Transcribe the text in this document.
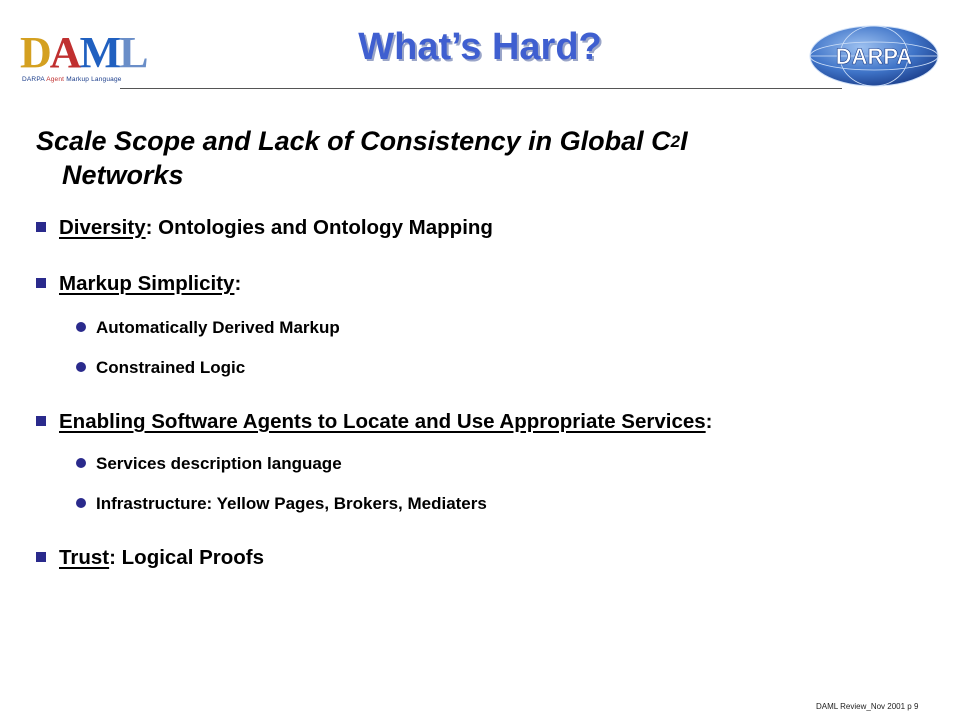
DAML
DARPA Agent Markup Language
What’s Hard?	DARPA
Scale Scope and Lack of Consistency in Global $C^2I$
Networks
Diversity: Ontologies and Ontology Mapping
Markup Simplicity:
Automatically Derived Markup
Constrained Logic
Enabling Software Agents to Locate and Use Appropriate Services:
Services description language
Infrastructure: Yellow Pages, Brokers, Mediaters
Trust: Logical Proofs
DAML Review_Nov 2001 p 9
